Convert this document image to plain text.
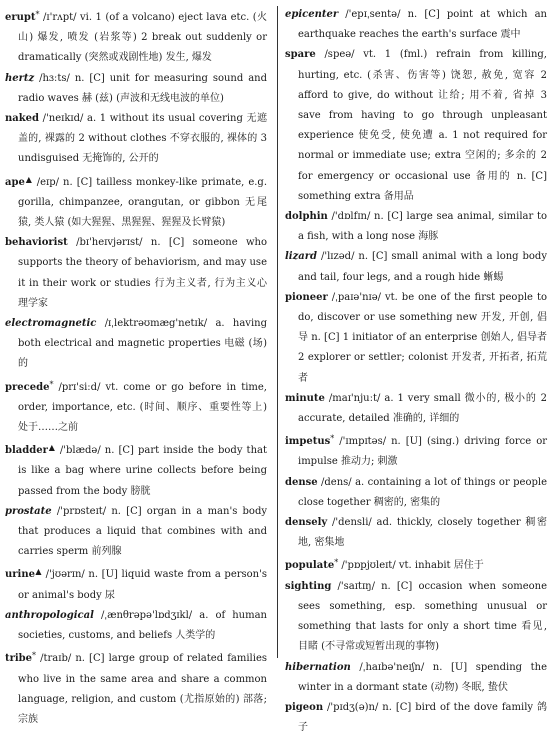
erupt* /ɪ'rʌpt/ vi. 1 (of a volcano) eject lava etc. (火山) 爆发, 喷发 (岩浆等) 2 break out suddenly or dramatically (突然或戏剧性地) 发生, 爆发

hertz /hɜːts/ n. [C] unit for measuring sound and radio waves 赫 (兹) (声波和无线电波的单位)

naked /'neɪkɪd/ a. 1 without its usual covering 无遮盖的, 裸露的 2 without clothes 不穿衣服的, 裸体的 3 undisguised 无掩饰的, 公开的

ape▲ /eɪp/ n. [C] tailless monkey-like primate, e.g. gorilla, chimpanzee, orangutan, or gibbon 无尾猿, 类人猿 (如大猩猩、黑猩猩、猩猩及长臂猿)

behaviorist /bɪ'heɪvjərɪst/ n. [C] someone who supports the theory of behaviorism, and may use it in their work or studies 行为主义者, 行为主义心理学家

electromagnetic /ɪˌlektrəʊmæg'netɪk/ a. having both electrical and magnetic properties 电磁 (场) 的

precede* /prɪ'siːd/ vt. come or go before in time, order, importance, etc. (时间、顺序、重要性等上) 处于……之前

bladder▲ /'blædə/ n. [C] part inside the body that is like a bag where urine collects before being passed from the body 膀胱

prostate /'prɒsteɪt/ n. [C] organ in a man's body that produces a liquid that combines with and carries sperm 前列腺

urine▲ /'jʊərɪn/ n. [U] liquid waste from a person's or animal's body 尿

anthropological /ˌænθrəpə'lɒdʒɪkl/ a. of human societies, customs, and beliefs 人类学的

tribe* /traɪb/ n. [C] large group of related families who live in the same area and share a common language, religion, and custom (尤指原始的) 部落; 宗族

epicenter /'epɪˌsentə/ n. [C] point at which an earthquake reaches the earth's surface 震中

spare /speə/ vt. 1 (fml.) refrain from killing, hurting, etc. (杀害、伤害等) 饶恕, 赦免, 宽容 2 afford to give, do without 让给; 用不着, 省掉 3 save from having to go through unpleasant experience 使免受, 使免遭 a. 1 not required for normal or immediate use; extra 空闲的; 多余的 2 for emergency or occasional use 备用的 n. [C] something extra 备用品

dolphin /'dɒlfɪn/ n. [C] large sea animal, similar to a fish, with a long nose 海豚

lizard /'lɪzəd/ n. [C] small animal with a long body and tail, four legs, and a rough hide 蜥蜴

pioneer /ˌpaɪə'nɪə/ vt. be one of the first people to do, discover or use something new 开发, 开创, 倡导 n. [C] 1 initiator of an enterprise 创始人, 倡导者 2 explorer or settler; colonist 开发者, 开拓者, 拓荒者

minute /maɪ'njuːt/ a. 1 very small 微小的, 极小的 2 accurate, detailed 准确的, 详细的

impetus* /'ɪmpɪtəs/ n. [U] (sing.) driving force or impulse 推动力; 刺激

dense /dens/ a. containing a lot of things or people close together 稠密的, 密集的

densely /'densli/ ad. thickly, closely together 稠密地, 密集地

populate* /'pɒpjʊleɪt/ vt. inhabit 居住于

sighting /'saɪtɪŋ/ n. [C] occasion when someone sees something, esp. something unusual or something that lasts for only a short time 看见, 目睹 (不寻常或短暂出现的事物)

hibernation /ˌhaɪbə'neɪʃn/ n. [U] spending the winter in a dormant state (动物) 冬眠, 蛰伏

pigeon /'pɪdʒ(ə)n/ n. [C] bird of the dove family 鸽子
